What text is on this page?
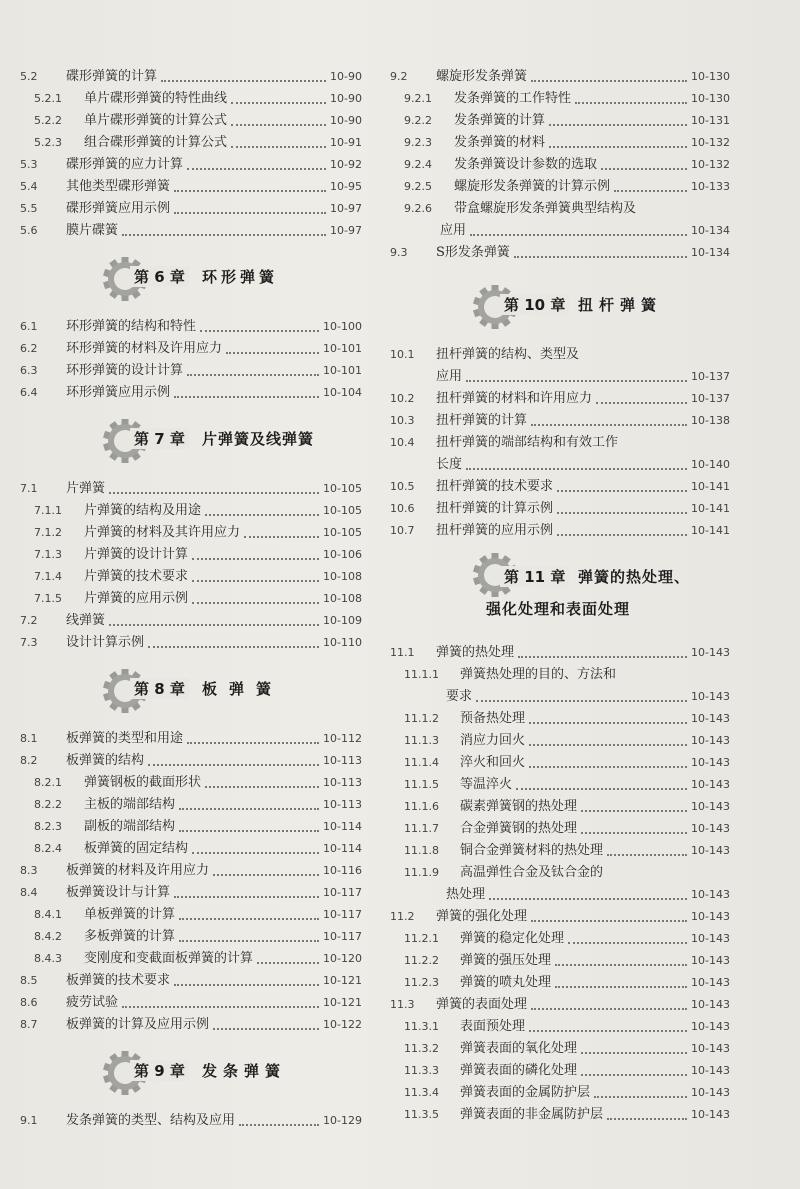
5.2	碟形弹簧的计算	10-90
5.2.1	单片碟形弹簧的特性曲线	10-90
5.2.2	单片碟形弹簧的计算公式	10-90
5.2.3	组合碟形弹簧的计算公式	10-91
5.3	碟形弹簧的应力计算	10-92
5.4	其他类型碟形弹簧	10-95
5.5	碟形弹簧应用示例	10-97
5.6	膜片碟簧	10-97
第 6 章 环形弹簧
6.1	环形弹簧的结构和特性	10-100
6.2	环形弹簧的材料及许用应力	10-101
6.3	环形弹簧的设计计算	10-101
6.4	环形弹簧应用示例	10-104
第 7 章 片弹簧及线弹簧
7.1	片弹簧	10-105
7.1.1	片弹簧的结构及用途	10-105
7.1.2	片弹簧的材料及其许用应力	10-105
7.1.3	片弹簧的设计计算	10-106
7.1.4	片弹簧的技术要求	10-108
7.1.5	片弹簧的应用示例	10-108
7.2	线弹簧	10-109
7.3	设计计算示例	10-110
第 8 章 板弹簧
8.1	板弹簧的类型和用途	10-112
8.2	板弹簧的结构	10-113
8.2.1	弹簧钢板的截面形状	10-113
8.2.2	主板的端部结构	10-113
8.2.3	副板的端部结构	10-114
8.2.4	板弹簧的固定结构	10-114
8.3	板弹簧的材料及许用应力	10-116
8.4	板弹簧设计与计算	10-117
8.4.1	单板弹簧的计算	10-117
8.4.2	多板弹簧的计算	10-117
8.4.3	变刚度和变截面板弹簧的计算	10-120
8.5	板弹簧的技术要求	10-121
8.6	疲劳试验	10-121
8.7	板弹簧的计算及应用示例	10-122
第 9 章 发条弹簧
9.1	发条弹簧的类型、结构及应用	10-129
9.2	螺旋形发条弹簧	10-130
9.2.1	发条弹簧的工作特性	10-130
9.2.2	发条弹簧的计算	10-131
9.2.3	发条弹簧的材料	10-132
9.2.4	发条弹簧设计参数的选取	10-132
9.2.5	螺旋形发条弹簧的计算示例	10-133
9.2.6 带盒螺旋形发条弹簧典型结构及
应用	10-134
9.3	S形发条弹簧	10-134
第 10 章 扭杆弹簧
10.1 扭杆弹簧的结构、类型及
应用	10-137
10.2	扭杆弹簧的材料和许用应力	10-137
10.3	扭杆弹簧的计算	10-138
10.4 扭杆弹簧的端部结构和有效工作
长度	10-140
10.5	扭杆弹簧的技术要求	10-141
10.6	扭杆弹簧的计算示例	10-141
10.7	扭杆弹簧的应用示例	10-141
第 11 章 弹簧的热处理、
强化处理和表面处理
11.1	弹簧的热处理	10-143
11.1.1 弹簧热处理的目的、方法和
要求	10-143
11.1.2	预备热处理	10-143
11.1.3	消应力回火	10-143
11.1.4	淬火和回火	10-143
11.1.5	等温淬火	10-143
11.1.6	碳素弹簧钢的热处理	10-143
11.1.7	合金弹簧钢的热处理	10-143
11.1.8	铜合金弹簧材料的热处理	10-143
11.1.9 高温弹性合金及钛合金的
热处理	10-143
11.2	弹簧的强化处理	10-143
11.2.1	弹簧的稳定化处理	10-143
11.2.2	弹簧的强压处理	10-143
11.2.3	弹簧的喷丸处理	10-143
11.3	弹簧的表面处理	10-143
11.3.1	表面预处理	10-143
11.3.2	弹簧表面的氧化处理	10-143
11.3.3	弹簧表面的磷化处理	10-143
11.3.4	弹簧表面的金属防护层	10-143
11.3.5	弹簧表面的非金属防护层	10-143
